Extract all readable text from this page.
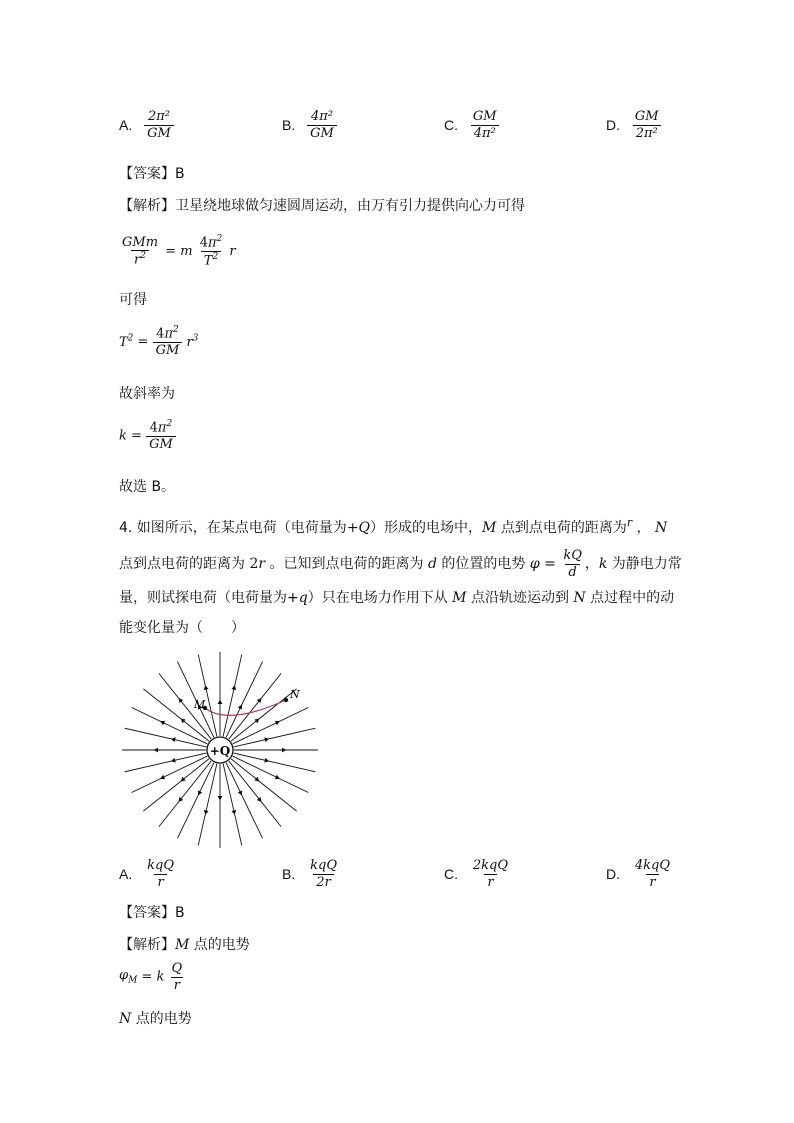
A. $\frac{\text{2π²}}{GM}$	B. $\frac{\text{4π²}}{GM}$	C. $\frac{GM}{\text{4π²}}$	D. $\frac{GM}{\text{2π²}}$
【答案】B
【解析】卫星绕地球做匀速圆周运动，由万有引力提供向心力可得
$\frac{\text{GMm}}{r^2} = m \frac{4\pi^2}{T^2}$ r
可得
$T^2 = \frac{4\pi^2}{GM} r^3$
故斜率为
$k = \frac{4\pi^2}{GM}$
故选 B。
4. 如图所示，在某点电荷（电荷量为+Q）形成的电场中，M 点到点电荷的距离为$^r$ ， N
点到点电荷的距离为 2r 。已知到点电荷的距离为 d 的位置的电势 $\varphi = \frac{kQ}{d}$ ，k 为静电力常
量，则试探电荷（电荷量为+q）只在电场力作用下从 M 点沿轨迹运动到 N 点过程中的动
能变化量为（　　）
+Q
M
N
A. $\frac{\text{kqQ}}{r}$	B. $\frac{\text{kqQ}}{2r}$	C. $\frac{\text{2kqQ}}{r}$	D. $\frac{\text{4kqQ}}{r}$
【答案】B
【解析】M 点的电势
$\varphi_M = k \frac{Q}{r}$
N 点的电势
